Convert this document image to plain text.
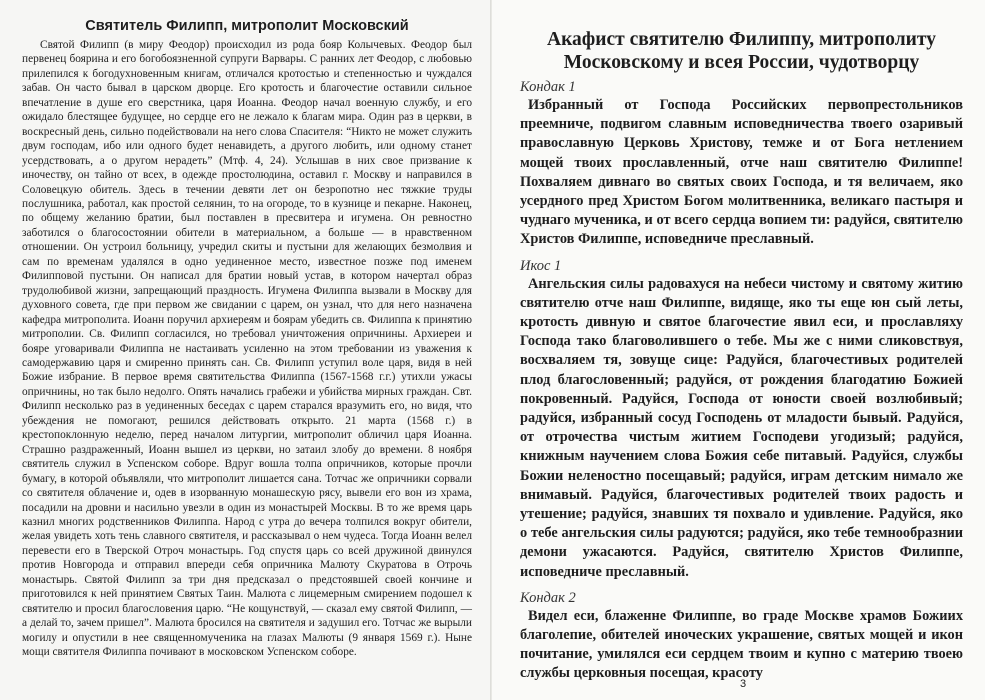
Святитель Филипп, митрополит Московский

Святой Филипп (в миру Феодор) происходил из рода бояр Колычевых. Феодор был первенец боярина и его богобоязненной супруги Варвары. С ранних лет Феодор, с любовью прилепился к богодухновенным книгам, отличался кротостью и степенностью и чуждался забав. Он часто бывал в царском дворце. Его кротость и благочестие оставили сильное впечатление в душе его сверстника, царя Иоанна. Феодор начал военную службу, и его ожидало блестящее будущее, но сердце его не лежало к благам мира. Один раз в церкви, в воскресный день, сильно подействовали на него слова Спасителя: “Никто не может служить двум господам, ибо или одного будет ненавидеть, а другого любить, или одному станет усердствовать, а о другом нерадеть” (Мтф. 4, 24). Услышав в них свое призвание к иночеству, он тайно от всех, в одежде простолюдина, оставил г. Москву и направился в Соловецкую обитель. Здесь в течении девяти лет он безропотно нес тяжкие труды послушника, работал, как простой селянин, то на огороде, то в кузнице и пекарне. Наконец, по общему желанию братии, был поставлен в пресвитера и игумена. Он ревностно заботился о благосостоянии обители в материальном, а больше — в нравственном отношении. Он устроил больницу, учредил скиты и пустыни для желающих безмолвия и сам по временам удалялся в одно уединенное место, известное позже под именем Филипповой пустыни. Он написал для братии новый устав, в котором начертал образ трудолюбивой жизни, запрещающий праздность. Игумена Филиппа вызвали в Москву для духовного совета, где при первом же свидании с царем, он узнал, что для него назначена кафедра митрополита. Иоанн поручил архиереям и боярам убедить св. Филиппа к принятию митрополии. Св. Филипп согласился, но требовал уничтожения опричнины. Архиереи и бояре уговаривали Филиппа не настаивать усиленно на этом требовании из уважения к самодержавию царя и смиренно принять сан. Св. Филипп уступил воле царя, видя в ней Божие избрание. В первое время святительства Филиппа (1567-1568 г.г.) утихли ужасы опричнины, но так было недолго. Опять начались грабежи и убийства мирных граждан. Свт. Филипп несколько раз в уединенных беседах с царем старался вразумить его, но видя, что убеждения не помогают, решился действовать открыто. 21 марта (1568 г.) в крестопоклонную неделю, перед началом литургии, митрополит обличил царя Иоанна. Страшно раздраженный, Иоанн вышел из церкви, но затаил злобу до времени. 8 ноября святитель служил в Успенском соборе. Вдруг вошла толпа опричников, которые прочли бумагу, в которой объявляли, что митрополит лишается сана. Тотчас же опричники сорвали со святителя облачение и, одев в изорванную монашескую рясу, вывели его вон из храма, посадили на дровни и насильно увезли в один из монастырей Москвы. В то же время царь казнил многих родственников Филиппа. Народ с утра до вечера толпился вокруг обители, желая увидеть хоть тень славного святителя, и рассказывал о нем чудеса. Тогда Иоанн велел перевести его в Тверской Отроч монастырь. Год спустя царь со всей дружиной двинулся против Новгорода и отправил впереди себя опричника Малюту Скуратова в Отрочь монастырь. Святой Филипп за три дня предсказал о предстоявшей своей кончине и приготовился к ней принятием Святых Таин. Малюта с лицемерным смирением подошел к святителю и просил благословения царю. “Не кощунствуй, — сказал ему святой Филипп, — а делай то, зачем пришел”. Малюта бросился на святителя и задушил его. Тотчас же вырыли могилу и опустили в нее священномученика на глазах Малюты (9 января 1569 г.). Ныне мощи святителя Филиппа почивают в московском Успенском соборе.

Акафист святителю Филиппу, митрополиту Московскому и всея России, чудотворцу
Кондак 1

Избранный от Господа Российских первопрестольников преемниче, подвигом славным исповедничества твоего озаривый православную Церковь Христову, темже и от Бога нетлением мощей твоих прославленный, отче наш святителю Филиппе! Похваляем дивнаго во святых своих Господа, и тя величаем, яко усердного пред Христом Богом молитвенника, великаго пастыря и чуднаго мученика, и от всего сердца вопием ти: радуйся, святителю Христов Филиппе, исповедниче преславный.

Икос 1

Ангельския силы радовахуся на небеси чистому и святому житию святителю отче наш Филиппе, видяще, яко ты еще юн сый леты, кротость дивную и святое благочестие явил еси, и прославляху Господа тако благоволившего о тебе. Мы же с ними сликовствуя, восхваляем тя, зовуще сице: Радуйся, благочестивых родителей плод благословенный; радуйся, от рождения благодатию Божией покровенный. Радуйся, Господа от юности своей возлюбивый; радуйся, избранный сосуд Господень от младости бывый. Радуйся, от отрочества чистым житием Господеви угодизый; радуйся, книжным научением слова Божия себе питавый. Радуйся, службы Божии неленостно посещавый; радуйся, играм детским нимало же внимавый. Радуйся, благочестивых родителей твоих радость и утешение; радуйся, знавших тя похвало и удивление. Радуйся, яко о тебе ангельския силы радуются; радуйся, яко тебе темнообразнии демони ужасаются. Радуйся, святителю Христов Филиппе, исповедниче преславный.

Кондак 2

Видел еси, блаженне Филиппе, во граде Москве храмов Божиих благолепие, обителей иноческих украшение, святых мощей и икон почитание, умилялся еси сердцем твоим и купно с материю твоею службы церковныя посещая, красоту

3
